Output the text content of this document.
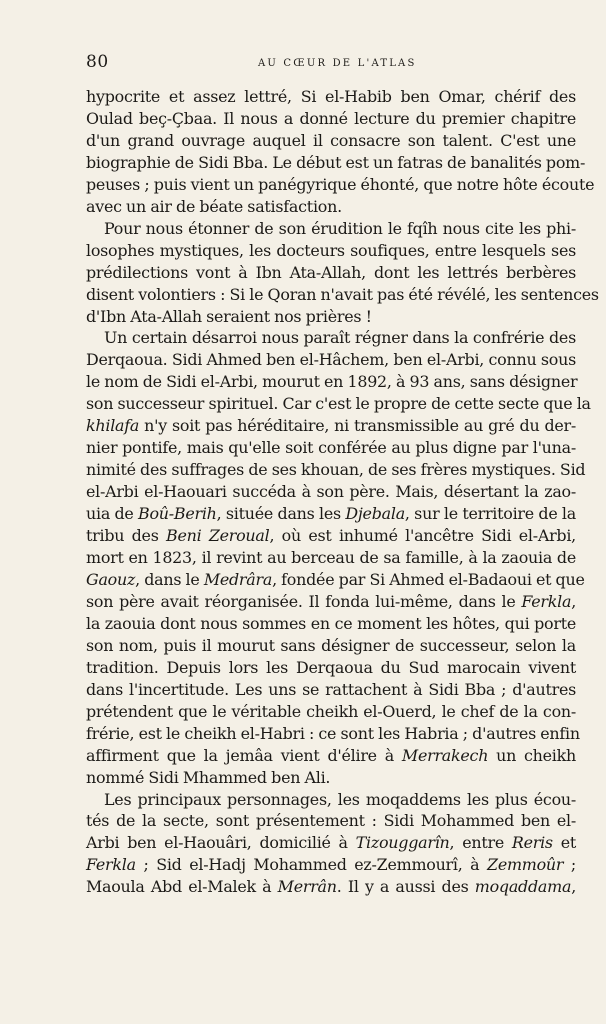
80	AU CŒUR DE L'ATLAS
hypocrite et assez lettré, Si el-Habib ben Omar, chérif des
Oulad beç-Çbaa. Il nous a donné lecture du premier chapitre
d'un grand ouvrage auquel il consacre son talent. C'est une
biographie de Sidi Bba. Le début est un fatras de banalités pom-
peuses ; puis vient un panégyrique éhonté, que notre hôte écoute
avec un air de béate satisfaction.
Pour nous étonner de son érudition le fqîh nous cite les phi-
losophes mystiques, les docteurs soufiques, entre lesquels ses
prédilections vont à Ibn Ata-Allah, dont les lettrés berbères
disent volontiers : Si le Qoran n'avait pas été révélé, les sentences
d'Ibn Ata-Allah seraient nos prières !
Un certain désarroi nous paraît régner dans la confrérie des
Derqaoua. Sidi Ahmed ben el-Hâchem, ben el-Arbi, connu sous
le nom de Sidi el-Arbi, mourut en 1892, à 93 ans, sans désigner
son successeur spirituel. Car c'est le propre de cette secte que la
khilafa n'y soit pas héréditaire, ni transmissible au gré du der-
nier pontife, mais qu'elle soit conférée au plus digne par l'una-
nimité des suffrages de ses khouan, de ses frères mystiques. Sid
el-Arbi el-Haouari succéda à son père. Mais, désertant la zao-
uia de Boû-Berih, située dans les Djebala, sur le territoire de la
tribu des Beni Zeroual, où est inhumé l'ancêtre Sidi el-Arbi,
mort en 1823, il revint au berceau de sa famille, à la zaouia de
Gaouz, dans le Medrâra, fondée par Si Ahmed el-Badaoui et que
son père avait réorganisée. Il fonda lui-même, dans le Ferkla,
la zaouia dont nous sommes en ce moment les hôtes, qui porte
son nom, puis il mourut sans désigner de successeur, selon la
tradition. Depuis lors les Derqaoua du Sud marocain vivent
dans l'incertitude. Les uns se rattachent à Sidi Bba ; d'autres
prétendent que le véritable cheikh el-Ouerd, le chef de la con-
frérie, est le cheikh el-Habri : ce sont les Habria ; d'autres enfin
affirment que la jemâa vient d'élire à Merrakech un cheikh
nommé Sidi Mhammed ben Ali.
Les principaux personnages, les moqaddems les plus écou-
tés de la secte, sont présentement : Sidi Mohammed ben el-
Arbi ben el-Haouâri, domicilié à Tizouggarîn, entre Reris et
Ferkla ; Sid el-Hadj Mohammed ez-Zemmourî, à Zemmoûr ;
Maoula Abd el-Malek à Merrân. Il y a aussi des moqaddama,
